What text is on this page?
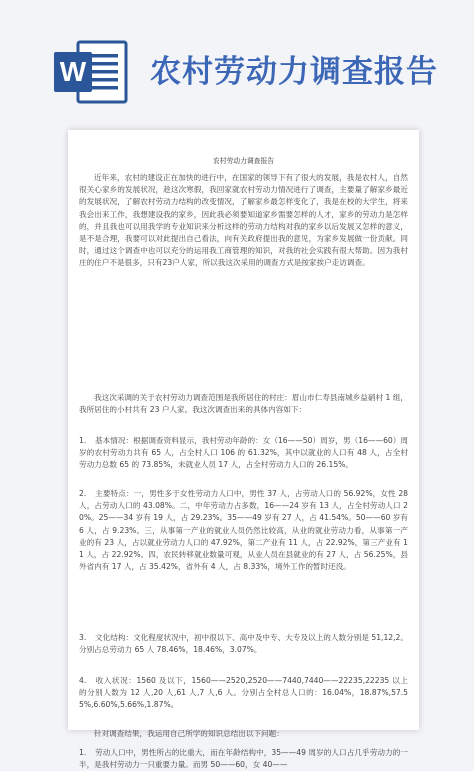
W 农村劳动力调查报告
农村劳动力调查报告

近年来，农村的建设正在加快的进行中，在国家的领导下有了很大的发展，我是农村人，自然很关心家乡的发展状况，趁这次寒假，我回家就农村劳动力情况进行了调查，主要量了解家乡最近的发展状况，了解农村劳动力结构的改变情况，了解家乡最怎样变化了，我是在校的大学生，将来我会出来工作，我想建设我的家乡，因此我必须要知道家乡需要怎样的人才，家乡的劳动力是怎样的，并且我也可以用我学的专业知识来分析这样的劳动力结构对我的家乡以后发展又怎样的意义，是不是合理，我要可以对此提出自己看法，向有关政府提出我的意见，为家乡发展做一份贡献。同时，通过这个调查中也可以充分的运用我工商管理的知识，对我的社会实践有很大帮助。因为我村庄的住户不是很多，只有23户人家，所以我这次采用的调查方式是按家挨户走访调查。

我这次采调的关于农村劳动力调查范围是我所居住的村庄：眉山市仁寿县南城乡益硝村 1 组，我所居住的小村共有 23 户人家。我这次调查出来的具体内容如下：

1. 基本情况：根据调查资料显示，我村劳动年龄的：女（16——50）周岁，男（16——60）周岁的农村劳动力共有 65 人，占全村人口 106 的 61.32%，其中以就业的人口有 48 人，占全村劳动力总数 65 的 73.85%，未就业人员 17 人，占全村劳动力人口的 26.15%。

2. 主要特点：一，男性多于女性劳动力人口中，男性 37 人，占劳动人口的 56.92%，女性 28 人，占劳动人口的 43.08%。二，中年劳动力占多数，16——24 岁有 13 人，占全村劳动人口 20%。25——34 岁有 19 人，占 29.23%。35——49 岁有 27 人，占 41.54%。50——60 岁有 6 人，占 9.23%。三，从事第一产业的就业人员仍然比较高，从业的就业劳动力看，从事第一产业的有 23 人，占以就业劳动力人口的 47.92%，第二产业有 11 人，占 22.92%，第三产业有 11 人，占 22.92%。四，农民转移就业数量可观，从业人员在县就业的有 27 人，占 56.25%，县外省内有 17 人，占 35.42%，省外有 4 人，占 8.33%，境外工作的暂时还没。

3. 文化结构：文化程度状况中，初中很以下、高中及中专、大专及以上的人数分别是 51,12,2。分别占总劳动力 65 人 78.46%，18.46%，3.07%。

4. 收入状况：1560 及以下，1560——2520,2520——7440,7440——22235,22235 以上的分别人数为 12 人,20 人,61 人,7 人,6 人。分别占全村总人口的：16.04%，18.87%,57.55%,6.60%,5.66%,1.87%。

针对调查结果，我运用自己所学的知识总结出以下问题：

1. 劳动人口中，男性所占的比重大，而在年龄结构中，35——49 周岁的人口占几乎劳动力的一半，是我村劳动力一只重要力量。而男 50——60，女 40——
